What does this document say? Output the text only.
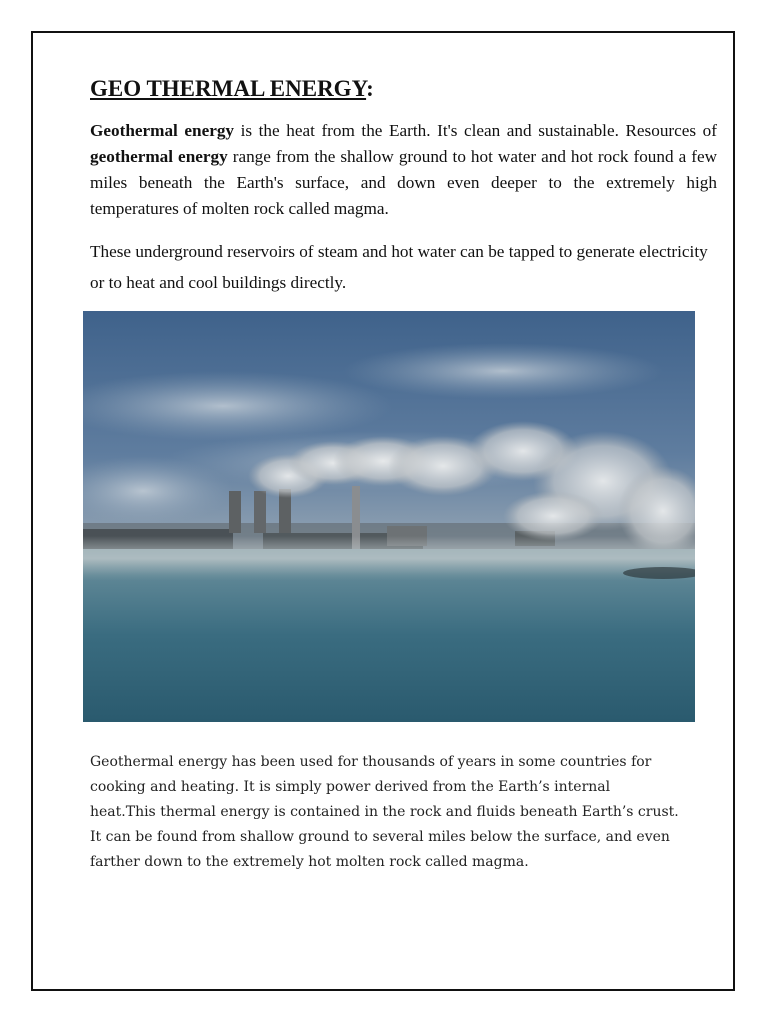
GEO THERMAL ENERGY:

Geothermal energy is the heat from the Earth. It's clean and sustainable. Resources of geothermal energy range from the shallow ground to hot water and hot rock found a few miles beneath the Earth's surface, and down even deeper to the extremely high temperatures of molten rock called magma.

These underground reservoirs of steam and hot water can be tapped to generate electricity or to heat and cool buildings directly.

Geothermal energy has been used for thousands of years in some countries for
cooking and heating. It is simply power derived from the Earth’s internal
heat.This thermal energy is contained in the rock and fluids beneath Earth’s crust.
It can be found from shallow ground to several miles below the surface, and even
farther down to the extremely hot molten rock called magma.
